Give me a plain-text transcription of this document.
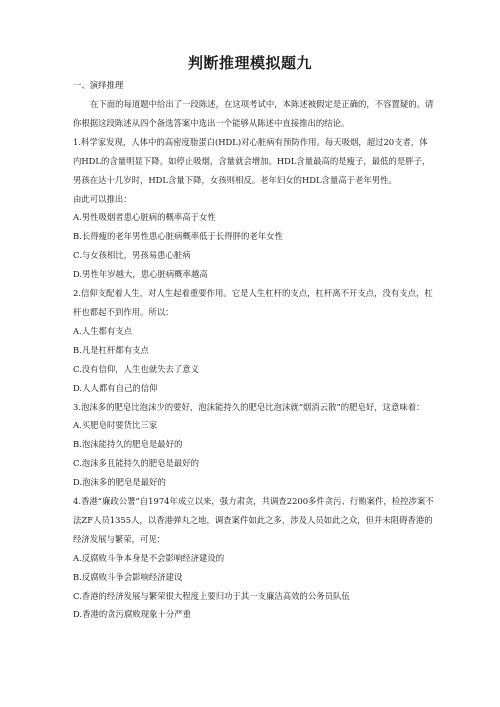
判断推理模拟题九
一、演绎推理

在下面的每道题中给出了一段陈述，在这项考试中，本陈述被假定是正确的，不容置疑的。请你根据这段陈述从四个备选答案中选出一个能够从陈述中直接推出的结论。

1.科学家发现，人体中的高密度脂蛋白(HDL)对心脏病有预防作用。每天吸烟，超过20支者，体内HDL的含量明显下降。如停止吸烟，含量就会增加。HDL含量最高的是瘦子，最低的是胖子，男孩在达十几岁时，HDL含量下降，女孩则相反。老年妇女的HDL含量高于老年男性。

由此可以推出：

A.男性吸烟者患心脏病的概率高于女性

B.长得瘦的老年男性患心脏病概率低于长得胖的老年女性

C.与女孩相比，男孩易患心脏病

D.男性年岁越大，患心脏病概率越高

2.信仰支配着人生，对人生起着重要作用。它是人生杠杆的支点，杠杆离不开支点，没有支点，杠杆也都起不到作用。所以：

A.人生都有支点

B.凡是杠杆都有支点

C.没有信仰，人生也就失去了意义

D.人人都有自己的信仰

3.泡沫多的肥皂比泡沫少的要好，泡沫能持久的肥皂比泡沫就“烟消云散”的肥皂好，这意味着：

A.买肥皂时要货比三家

B.泡沫能持久的肥皂是最好的

C.泡沫多且能持久的肥皂是最好的

D.泡沫多的肥皂是最好的

4.香港“廉政公署”自1974年成立以来，强力肃贪，共调查2200多件贪污、行贿案件，检控涉案不法ZF人员1355人，以香港弹丸之地，调查案件如此之多，涉及人员如此之众，但并未阻碍香港的经济发展与繁荣，可见：

A.反腐败斗争本身是不会影响经济建设的

B.反腐败斗争会影响经济建设

C.香港的经济发展与繁荣很大程度上要归功于其一支廉洁高效的公务员队伍

D.香港的贪污腐败现象十分严重
